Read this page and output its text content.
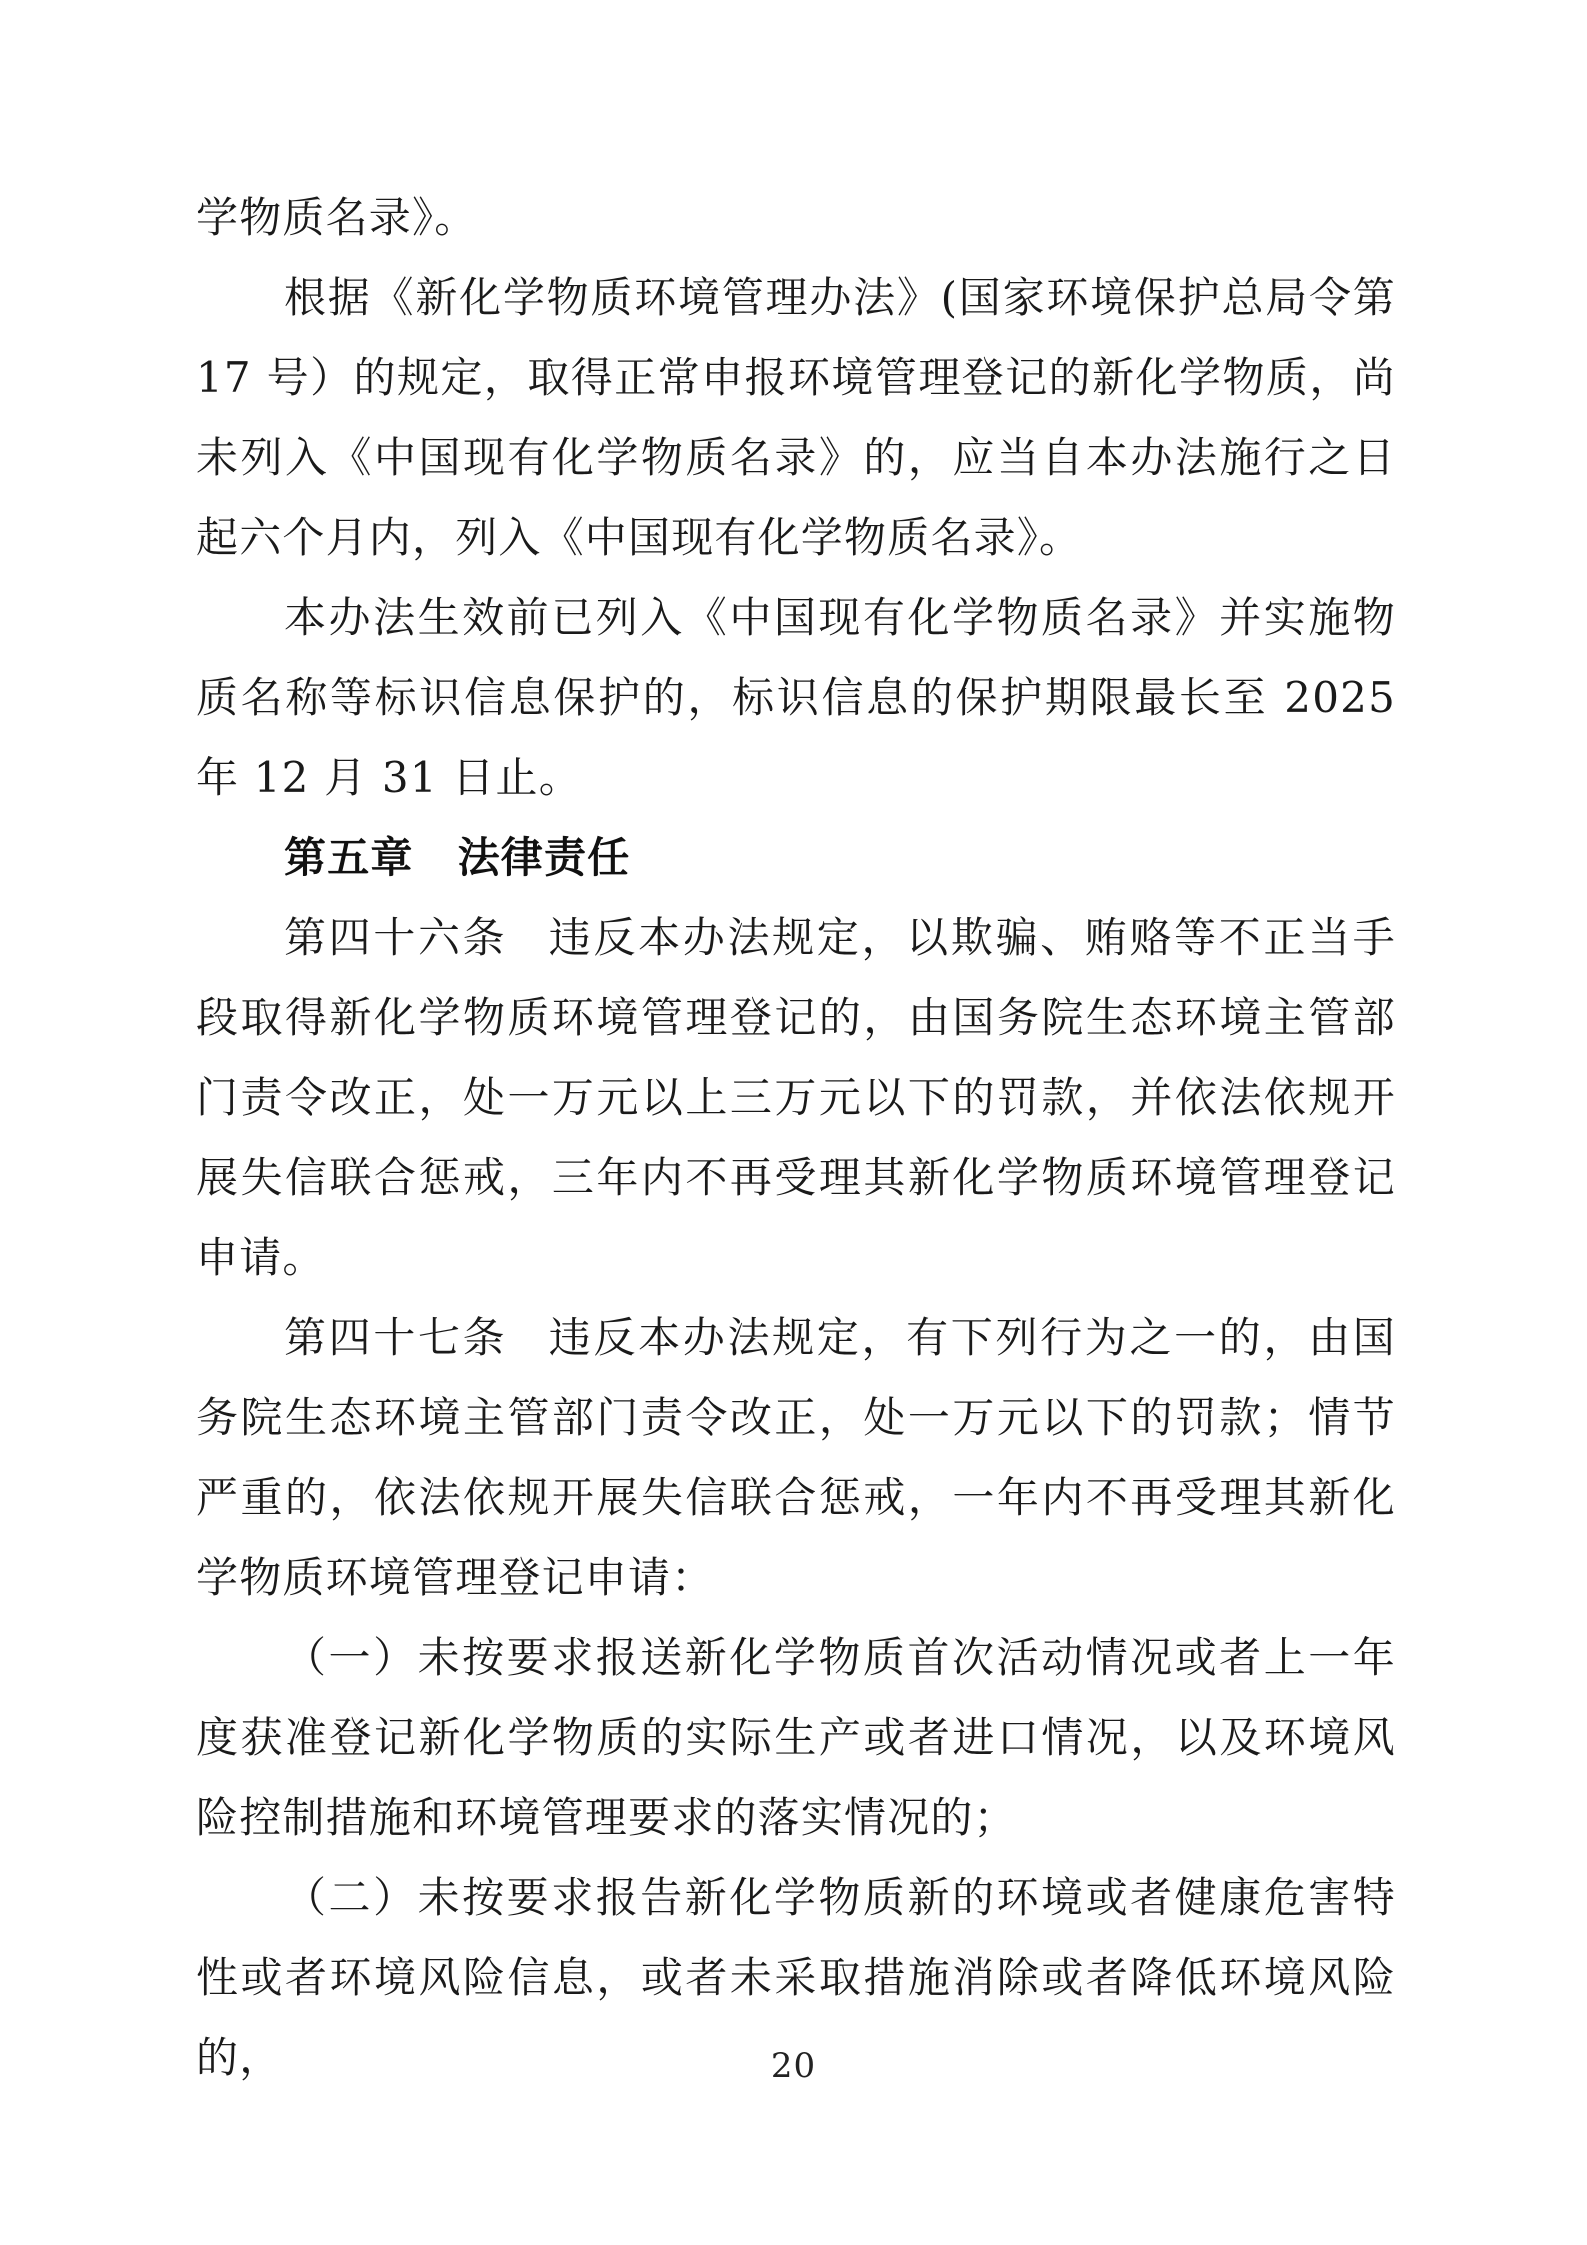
学物质名录》。

根据《新化学物质环境管理办法》(国家环境保护总局令第 17 号）的规定，取得正常申报环境管理登记的新化学物质，尚未列入《中国现有化学物质名录》的，应当自本办法施行之日起六个月内，列入《中国现有化学物质名录》。

本办法生效前已列入《中国现有化学物质名录》并实施物质名称等标识信息保护的，标识信息的保护期限最长至 2025 年 12 月 31 日止。

第五章 法律责任

第四十六条 违反本办法规定，以欺骗、贿赂等不正当手段取得新化学物质环境管理登记的，由国务院生态环境主管部门责令改正，处一万元以上三万元以下的罚款，并依法依规开展失信联合惩戒，三年内不再受理其新化学物质环境管理登记申请。

第四十七条 违反本办法规定，有下列行为之一的，由国务院生态环境主管部门责令改正，处一万元以下的罚款；情节严重的，依法依规开展失信联合惩戒，一年内不再受理其新化学物质环境管理登记申请：

（一）未按要求报送新化学物质首次活动情况或者上一年度获准登记新化学物质的实际生产或者进口情况，以及环境风险控制措施和环境管理要求的落实情况的；

（二）未按要求报告新化学物质新的环境或者健康危害特性或者环境风险信息，或者未采取措施消除或者降低环境风险的，	20
